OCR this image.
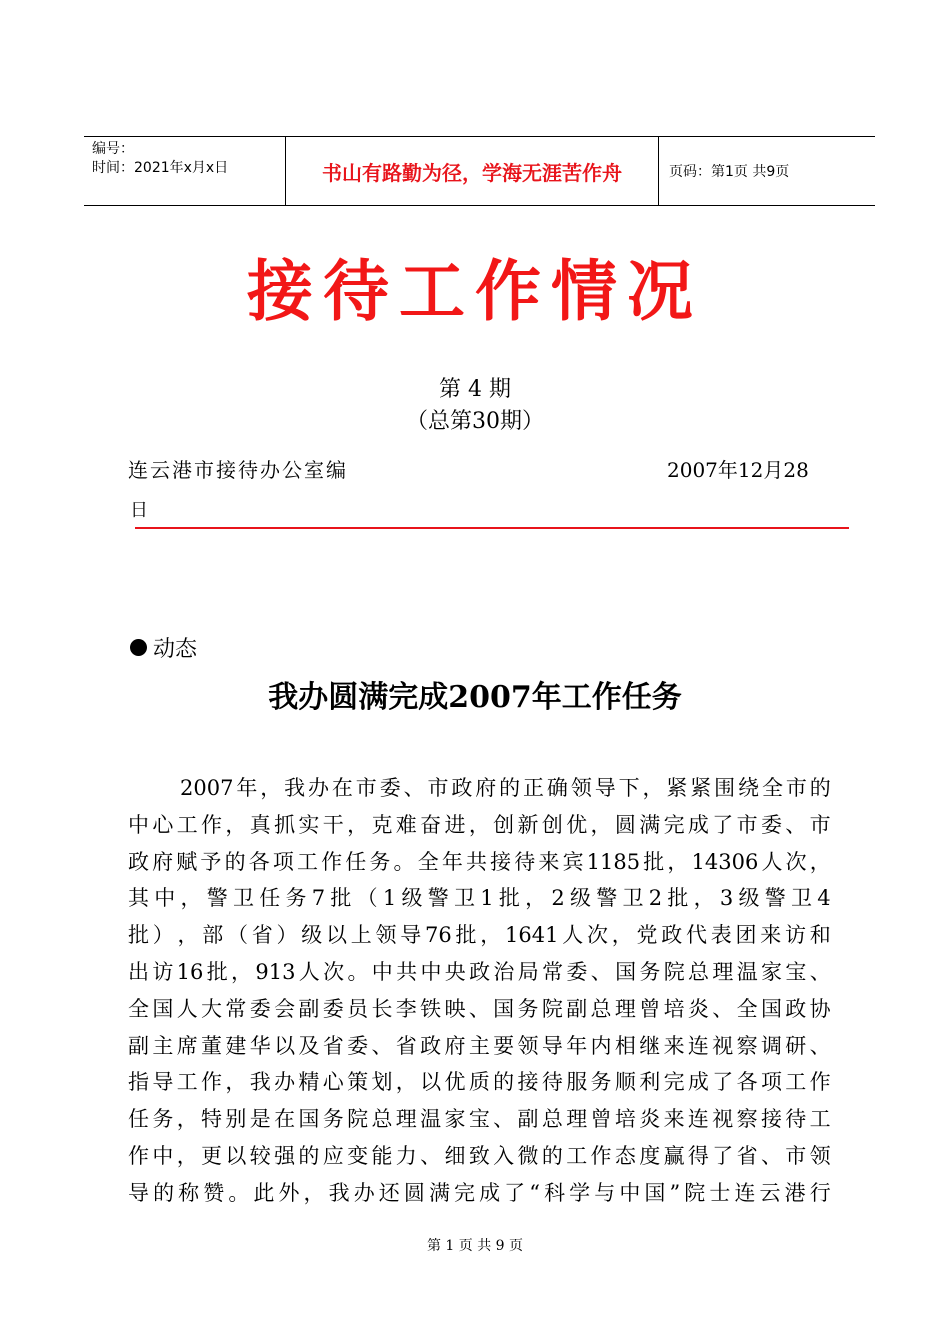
编号：
时间：2021年x月x日	书山有路勤为径，学海无涯苦作舟	页码：第1页 共9页
接待工作情况
第 4 期
（总第30期）
连云港市接待办公室编	2007年12月28
日
动态
我办圆满完成2007年工作任务
2007 年 ， 我 办 在 市 委 、 市 政 府 的 正 确 领 导 下 ， 紧 紧 围 绕 全 市 的
中 心 工 作 ， 真 抓 实 干 ， 克 难 奋 进 ， 创 新 创 优 ， 圆 满 完 成 了 市 委 、 市
政 府 赋 予 的 各 项 工 作 任 务 。 全 年 共 接 待 来 宾 1185 批 ， 14306 人 次 ，
其 中 ， 警 卫 任 务 7 批 （ 1 级 警 卫 1 批 ， 2 级 警 卫 2 批 ， 3 级 警 卫 4
批 ） ， 部 （ 省 ） 级 以 上 领 导 76 批 ， 1641 人 次 ， 党 政 代 表 团 来 访 和
出 访 16 批 ， 913 人 次 。 中 共 中 央 政 治 局 常 委 、 国 务 院 总 理 温 家 宝 、
全 国 人 大 常 委 会 副 委 员 长 李 铁 映 、 国 务 院 副 总 理 曾 培 炎 、 全 国 政 协
副 主 席 董 建 华 以 及 省 委 、 省 政 府 主 要 领 导 年 内 相 继 来 连 视 察 调 研 、
指 导 工 作 ， 我 办 精 心 策 划 ， 以 优 质 的 接 待 服 务 顺 利 完 成 了 各 项 工 作
任 务 ， 特 别 是 在 国 务 院 总 理 温 家 宝 、 副 总 理 曾 培 炎 来 连 视 察 接 待 工
作 中 ， 更 以 较 强 的 应 变 能 力 、 细 致 入 微 的 工 作 态 度 赢 得 了 省 、 市 领
导 的 称 赞 。 此 外 ， 我 办 还 圆 满 完 成 了 “ 科 学 与 中 国 ” 院 士 连 云 港 行
第 1 页 共 9 页
